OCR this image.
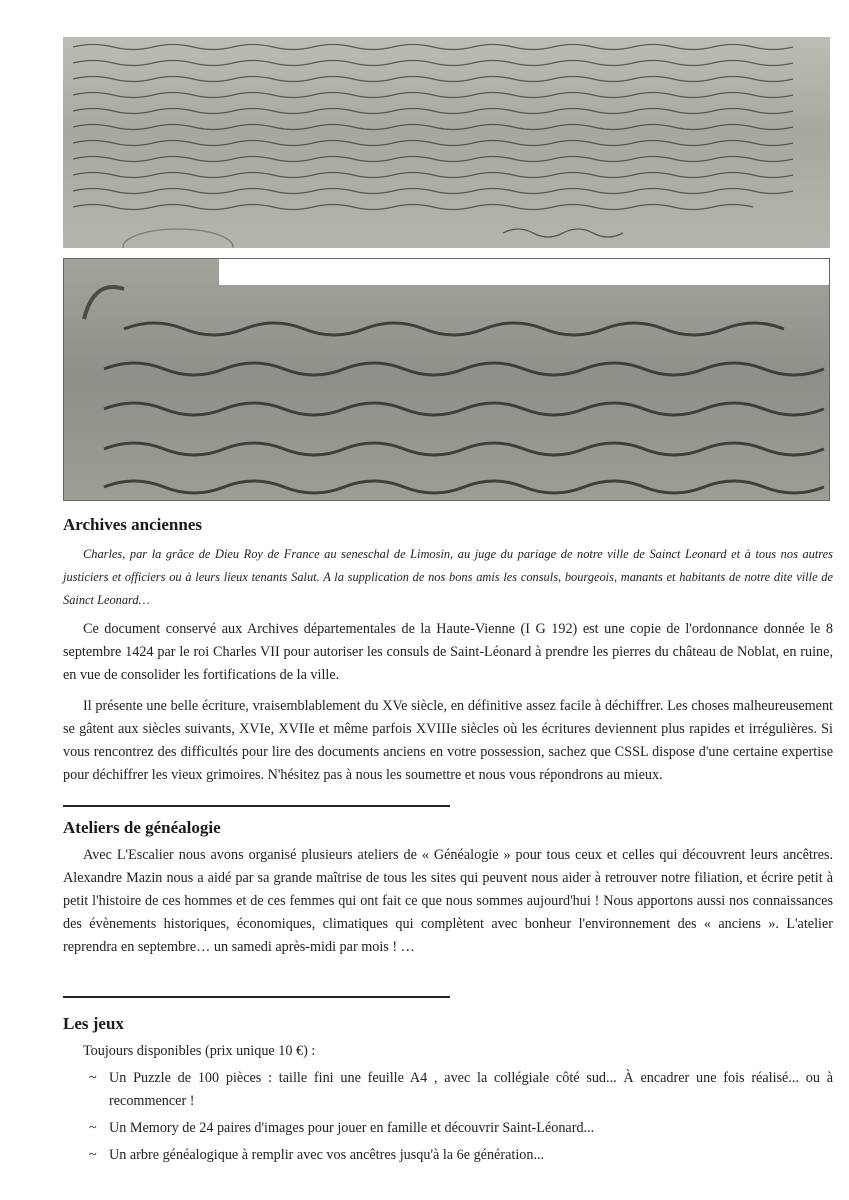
Archives anciennes
Charles, par la grâce de Dieu Roy de France au seneschal de Limosin, au juge du pariage de notre ville de Sainct Leonard et à tous nos autres justiciers et officiers ou à leurs lieux tenants Salut. A la supplication de nos bons amis les consuls, bourgeois, manants et habitants de notre dite ville de Sainct Leonard…

Ce document conservé aux Archives départementales de la Haute-Vienne (I G 192) est une copie de l'ordonnance donnée le 8 septembre 1424 par le roi Charles VII pour autoriser les consuls de Saint-Léonard à prendre les pierres du château de Noblat, en ruine, en vue de consolider les fortifications de la ville.

Il présente une belle écriture, vraisemblablement du XVe siècle, en définitive assez facile à déchiffrer. Les choses malheureusement se gâtent aux siècles suivants, XVIe, XVIIe et même parfois XVIIIe siècles où les écritures deviennent plus rapides et irrégulières. Si vous rencontrez des difficultés pour lire des documents anciens en votre possession, sachez que CSSL dispose d'une certaine expertise pour déchiffrer les vieux grimoires. N'hésitez pas à nous les soumettre et nous vous répondrons au mieux.

Ateliers de généalogie

Avec L'Escalier nous avons organisé plusieurs ateliers de « Généalogie » pour tous ceux et celles qui découvrent leurs ancêtres. Alexandre Mazin nous a aidé par sa grande maîtrise de tous les sites qui peuvent nous aider à retrouver notre filiation, et écrire petit à petit l'histoire de ces hommes et de ces femmes qui ont fait ce que nous sommes aujourd'hui ! Nous apportons aussi nos connaissances des évènements historiques, économiques, climatiques qui complètent avec bonheur l'environnement des « anciens ». L'atelier reprendra en septembre… un samedi après-midi par mois ! …

Les jeux
Toujours disponibles (prix unique 10 €) :
~ Un Puzzle de 100 pièces : taille fini une feuille A4 , avec la collégiale côté sud... À encadrer une fois réalisé... ou à recommencer !
~ Un Memory de 24 paires d'images pour jouer en famille et découvrir Saint-Léonard...
~ Un arbre généalogique à remplir avec vos ancêtres jusqu'à la 6e génération...
